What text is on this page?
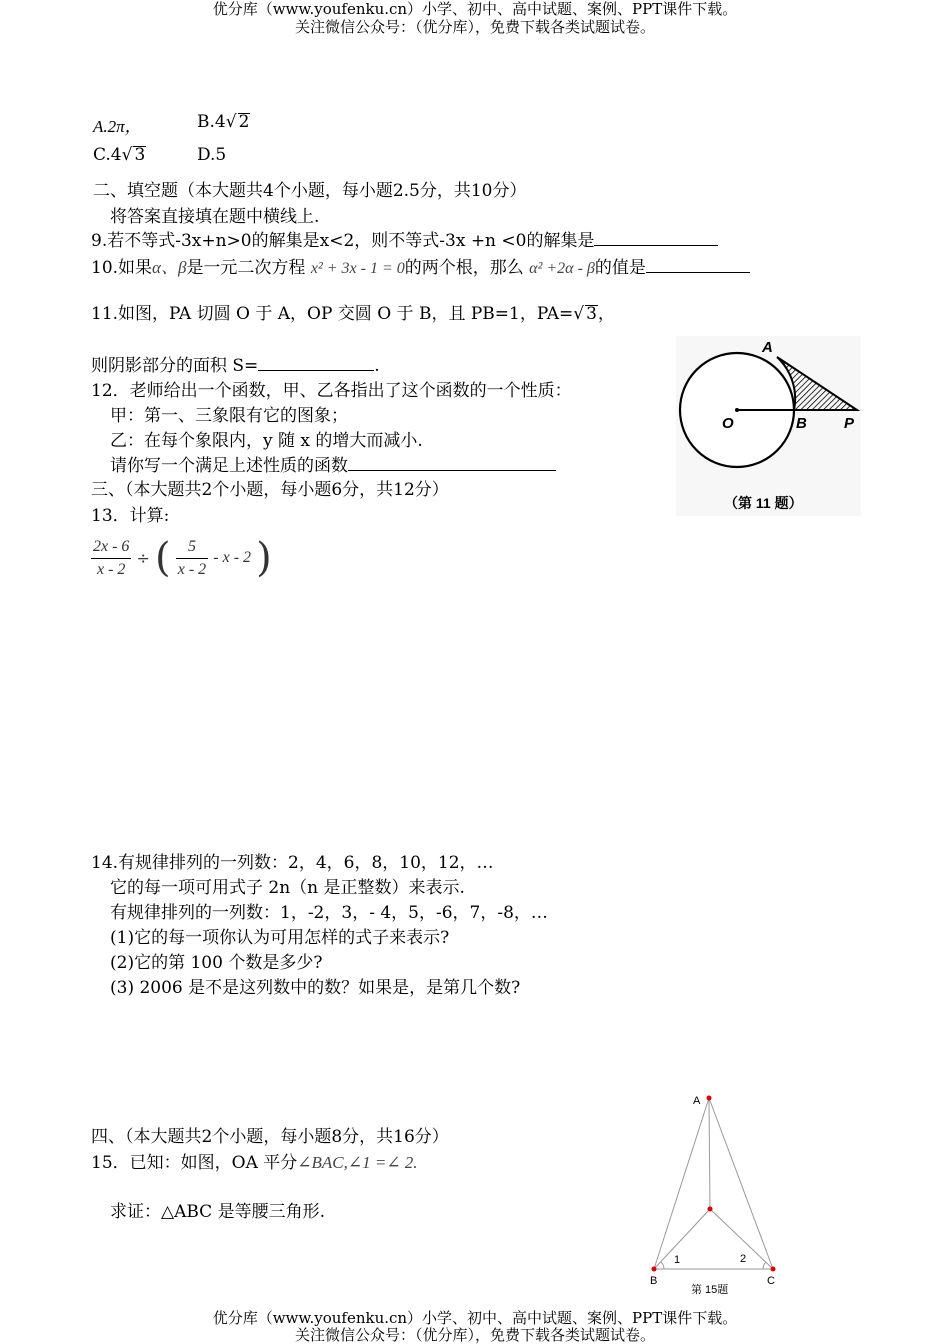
优分库（www.youfenku.cn）小学、初中、高中试题、案例、PPT课件下载。
关注微信公众号：（优分库），免费下载各类试题试卷。
A.2π，	B.4√ 2
C.4√ 3	D.5
二、填空题（本大题共4个小题，每小题2.5分，共10分）
将答案直接填在题中横线上.
9.若不等式-3x+n>0的解集是x<2，则不等式-3x +n <0的解集是
10.如果α、β是一元二次方程 x² + 3x - 1 = 0的两个根，那么 α² +2α - β的值是
11.如图，PA 切圆 O 于 A，OP 交圆 O 于 B，且 PB=1，PA=√ 3，
则阴影部分的面积 S=	.
A
O	B P
（第 11 题）
12．老师给出一个函数，甲、乙各指出了这个函数的一个性质：
甲：第一、三象限有它的图象；
乙：在每个象限内，y 随 x 的增大而减小.
请你写一个满足上述性质的函数
三、（本大题共2个小题，每小题6分，共12分）
13．计算:
$\frac{2x - 6}{x - 2}$ ÷ ( $\frac{5}{x - 2}$ - x - 2 )
14.有规律排列的一列数：2，4，6，8，10，12，…
它的每一项可用式子 2n（n 是正整数）来表示.
有规律排列的一列数：1，-2，3，- 4，5，-6，7，-8，…
(1)它的每一项你认为可用怎样的式子来表示?
(2)它的第 100 个数是多少?
(3) 2006 是不是这列数中的数？如果是，是第几个数?
四、（本大题共2个小题，每小题8分，共16分）
15．已知：如图，OA 平分∠BAC,∠1 =∠ 2.
求证：△ABC 是等腰三角形.
A
B	C
1	2
第 15题
优分库（www.youfenku.cn）小学、初中、高中试题、案例、PPT课件下载。
关注微信公众号：（优分库），免费下载各类试题试卷。
